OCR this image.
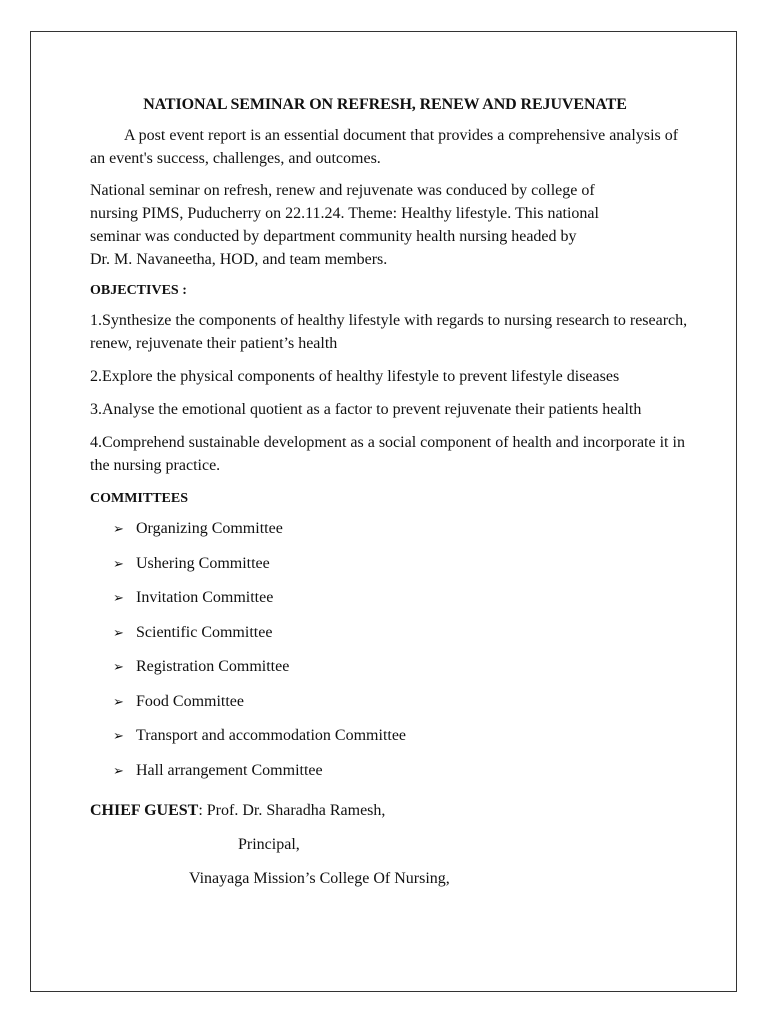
NATIONAL SEMINAR ON REFRESH, RENEW AND REJUVENATE

A post event report is an essential document that provides a comprehensive analysis of an event's success, challenges, and outcomes.

National seminar on refresh, renew and rejuvenate was conduced by college of
nursing PIMS, Puducherry on 22.11.24. Theme: Healthy lifestyle. This national
seminar was conducted by department community health nursing headed by
Dr. M. Navaneetha, HOD, and team members.

OBJECTIVES :

1.Synthesize the components of healthy lifestyle with regards to nursing research to research, renew, rejuvenate their patient’s health

2.Explore the physical components of healthy lifestyle to prevent lifestyle diseases

3.Analyse the emotional quotient as a factor to prevent rejuvenate their patients health

4.Comprehend sustainable development as a social component of health and incorporate it in the nursing practice.

COMMITTEES

➢ Organizing Committee
➢ Ushering Committee
➢ Invitation Committee
➢ Scientific Committee
➢ Registration Committee
➢ Food Committee
➢ Transport and accommodation Committee
➢ Hall arrangement Committee

CHIEF GUEST: Prof. Dr. Sharadha Ramesh,

Principal,

Vinayaga Mission’s College Of Nursing,
